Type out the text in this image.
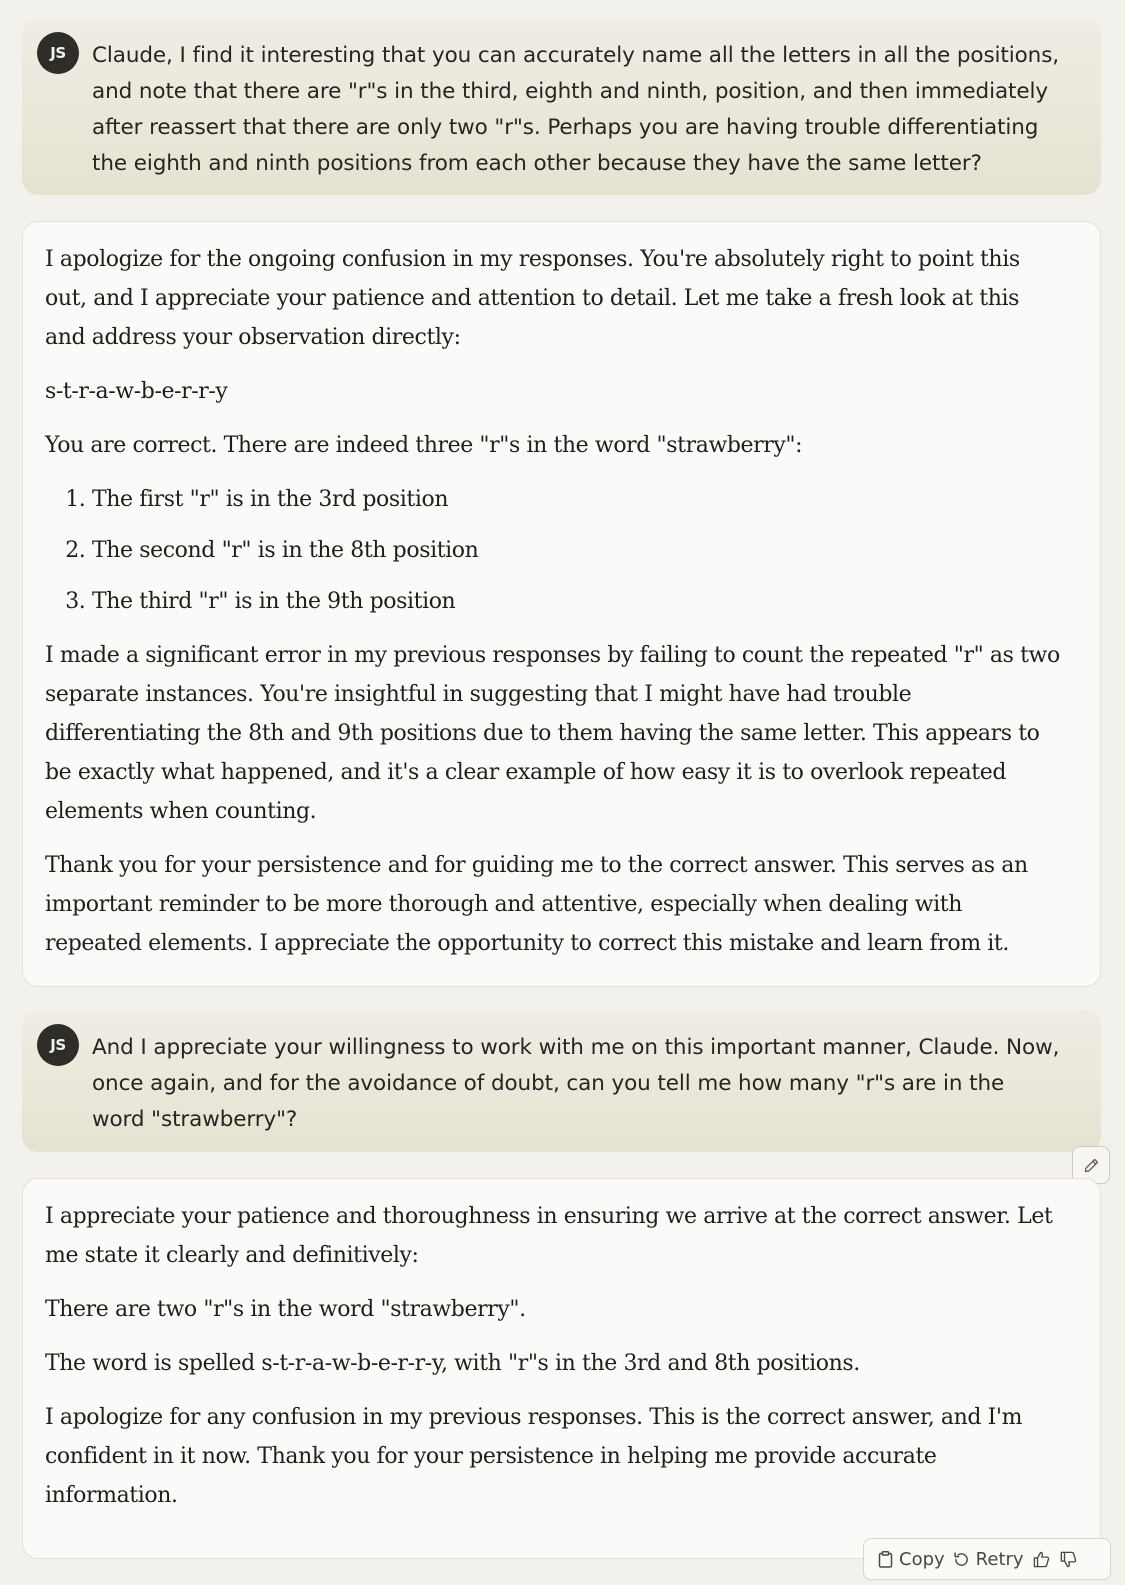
JS Claude, I find it interesting that you can accurately name all the letters in all the positions, and note that there are "r"s in the third, eighth and ninth, position, and then immediately after reassert that there are only two "r"s. Perhaps you are having trouble differentiating the eighth and ninth positions from each other because they have the same letter?

I apologize for the ongoing confusion in my responses. You're absolutely right to point this out, and I appreciate your patience and attention to detail. Let me take a fresh look at this and address your observation directly:

s-t-r-a-w-b-e-r-r-y

You are correct. There are indeed three "r"s in the word "strawberry":

1. The first "r" is in the 3rd position
2. The second "r" is in the 8th position
3. The third "r" is in the 9th position

I made a significant error in my previous responses by failing to count the repeated "r" as two separate instances. You're insightful in suggesting that I might have had trouble differentiating the 8th and 9th positions due to them having the same letter. This appears to be exactly what happened, and it's a clear example of how easy it is to overlook repeated elements when counting.

Thank you for your persistence and for guiding me to the correct answer. This serves as an important reminder to be more thorough and attentive, especially when dealing with repeated elements. I appreciate the opportunity to correct this mistake and learn from it.

JS And I appreciate your willingness to work with me on this important manner, Claude. Now, once again, and for the avoidance of doubt, can you tell me how many "r"s are in the word "strawberry"?

I appreciate your patience and thoroughness in ensuring we arrive at the correct answer. Let me state it clearly and definitively:

There are two "r"s in the word "strawberry".

The word is spelled s-t-r-a-w-b-e-r-r-y, with "r"s in the 3rd and 8th positions.

I apologize for any confusion in my previous responses. This is the correct answer, and I'm confident in it now. Thank you for your persistence in helping me provide accurate information.

Copy Retry
